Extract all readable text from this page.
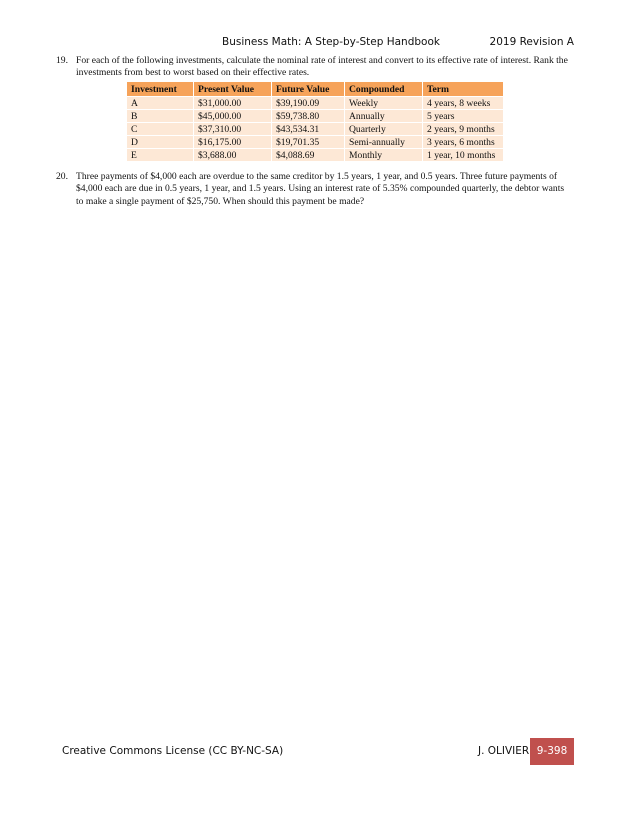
Business Math: A Step-by-Step Handbook	2019 Revision A
19. For each of the following investments, calculate the nominal rate of interest and convert to its effective rate of interest. Rank the investments from best to worst based on their effective rates.
Investment	Present Value	Future Value	Compounded	Term
A	$31,000.00	$39,190.09	Weekly	4 years, 8 weeks
B	$45,000.00	$59,738.80	Annually	5 years
C	$37,310.00	$43,534.31	Quarterly	2 years, 9 months
D	$16,175.00	$19,701.35	Semi-annually	3 years, 6 months
E	$3,688.00	$4,088.69	Monthly	1 year, 10 months
20. Three payments of $4,000 each are overdue to the same creditor by 1.5 years, 1 year, and 0.5 years. Three future payments of $4,000 each are due in 0.5 years, 1 year, and 1.5 years. Using an interest rate of 5.35% compounded quarterly, the debtor wants to make a single payment of $25,750. When should this payment be made?
Creative Commons License (CC BY-NC-SA)	J. OLIVIER 9-398
